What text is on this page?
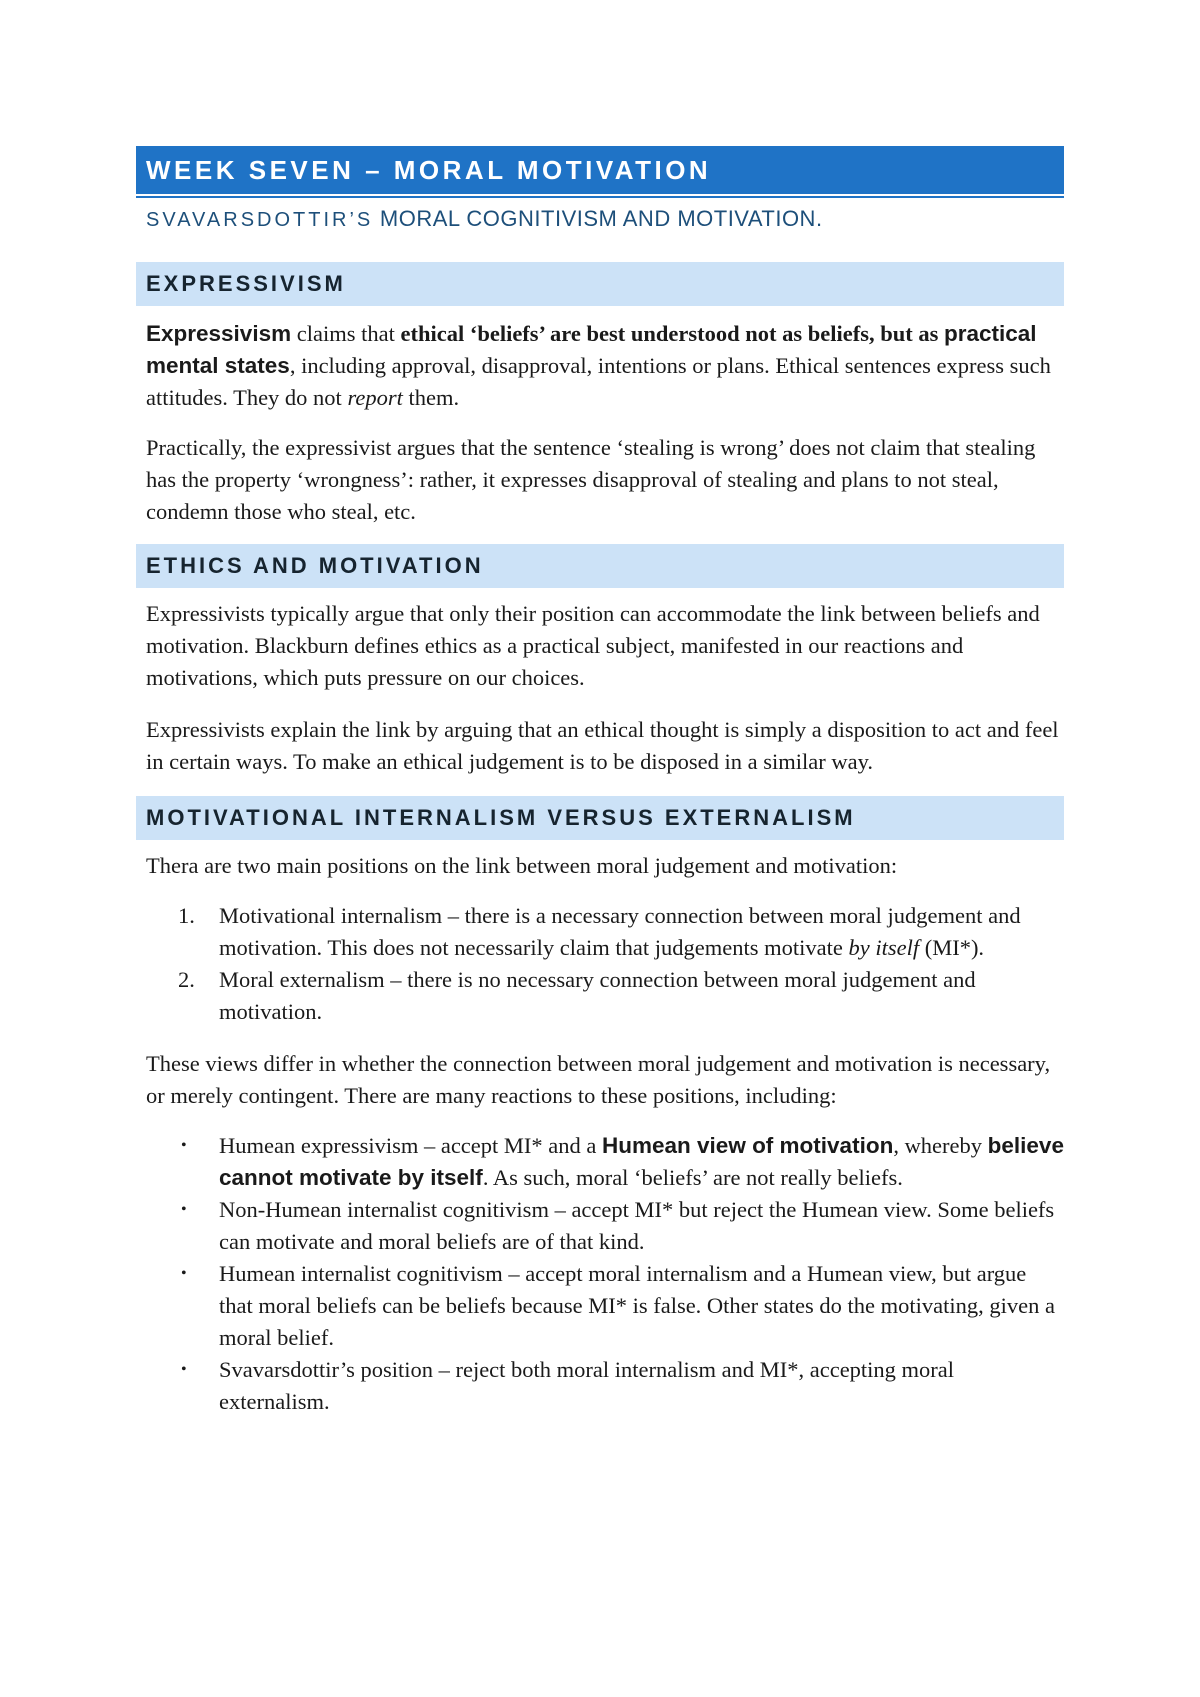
WEEK SEVEN – MORAL MOTIVATION
SVAVARSDOTTIR’S MORAL COGNITIVISM AND MOTIVATION.
EXPRESSIVISM

Expressivism claims that ethical ‘beliefs’ are best understood not as beliefs, but as practical mental states, including approval, disapproval, intentions or plans. Ethical sentences express such attitudes. They do not report them.

Practically, the expressivist argues that the sentence ‘stealing is wrong’ does not claim that stealing has the property ‘wrongness’: rather, it expresses disapproval of stealing and plans to not steal, condemn those who steal, etc.

ETHICS AND MOTIVATION

Expressivists typically argue that only their position can accommodate the link between beliefs and motivation. Blackburn defines ethics as a practical subject, manifested in our reactions and motivations, which puts pressure on our choices.

Expressivists explain the link by arguing that an ethical thought is simply a disposition to act and feel in certain ways. To make an ethical judgement is to be disposed in a similar way.

MOTIVATIONAL INTERNALISM VERSUS EXTERNALISM

Thera are two main positions on the link between moral judgement and motivation:

1. Motivational internalism – there is a necessary connection between moral judgement and motivation. This does not necessarily claim that judgements motivate by itself (MI*).
2. Moral externalism – there is no necessary connection between moral judgement and motivation.

These views differ in whether the connection between moral judgement and motivation is necessary, or merely contingent. There are many reactions to these positions, including:

• Humean expressivism – accept MI* and a Humean view of motivation, whereby believe cannot motivate by itself. As such, moral ‘beliefs’ are not really beliefs.
• Non-Humean internalist cognitivism – accept MI* but reject the Humean view. Some beliefs can motivate and moral beliefs are of that kind.
• Humean internalist cognitivism – accept moral internalism and a Humean view, but argue that moral beliefs can be beliefs because MI* is false. Other states do the motivating, given a moral belief.
• Svavarsdottir’s position – reject both moral internalism and MI*, accepting moral externalism.
